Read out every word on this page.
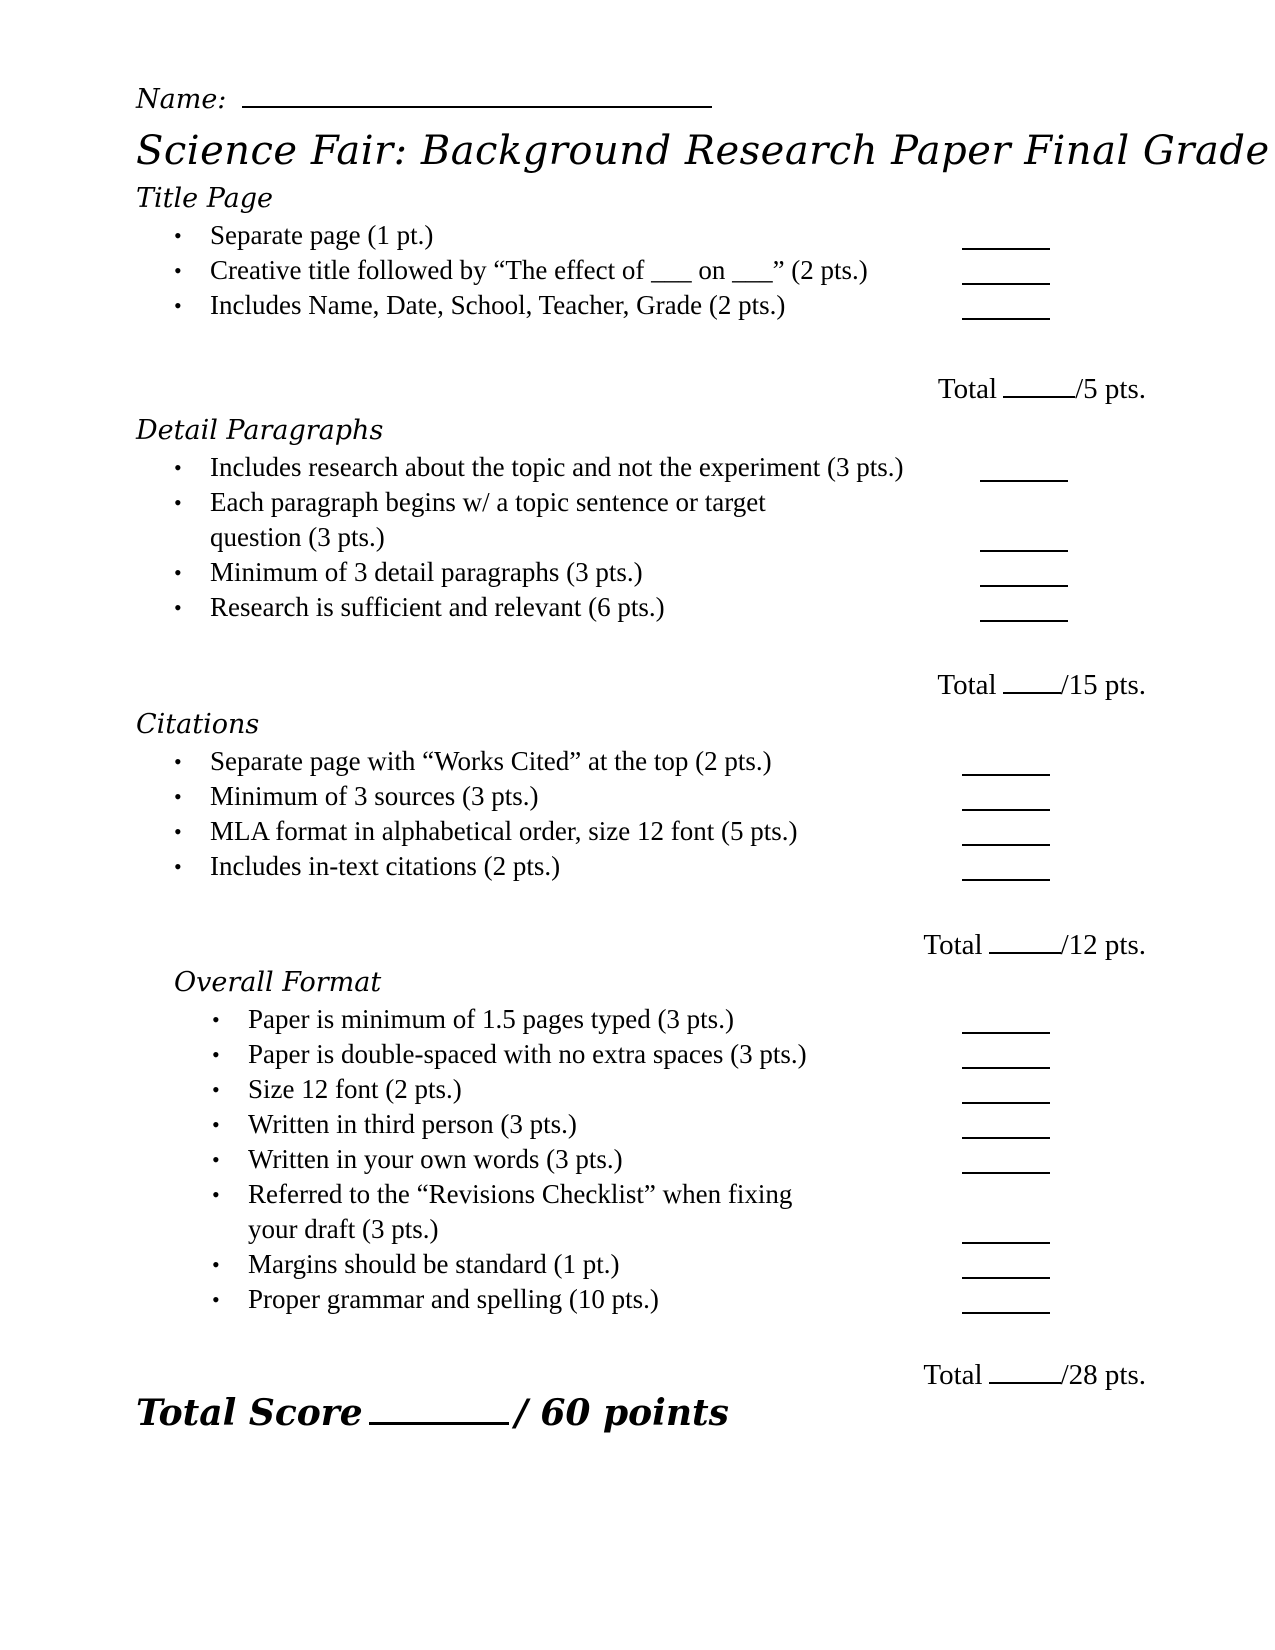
Name:
Science Fair: Background Research Paper Final Grade
Title Page
• Separate page (1 pt.)
• Creative title followed by “The effect of ___ on ___” (2 pts.)
• Includes Name, Date, School, Teacher, Grade (2 pts.)
Total	/5 pts.
Detail Paragraphs
• Includes research about the topic and not the experiment (3 pts.)
• Each paragraph begins w/ a topic sentence or target question (3 pts.)
• Minimum of 3 detail paragraphs (3 pts.)
• Research is sufficient and relevant (6 pts.)
Total /15 pts.
Citations
• Separate page with “Works Cited” at the top (2 pts.)
• Minimum of 3 sources (3 pts.)
• MLA format in alphabetical order, size 12 font (5 pts.)
• Includes in-text citations (2 pts.)
Total	/12 pts.
Overall Format
• Paper is minimum of 1.5 pages typed (3 pts.)
• Paper is double-spaced with no extra spaces (3 pts.)
• Size 12 font (2 pts.)
• Written in third person (3 pts.)
• Written in your own words (3 pts.)
• Referred to the “Revisions Checklist” when fixing your draft (3 pts.)
• Margins should be standard (1 pt.)
• Proper grammar and spelling (10 pts.)
Total	/28 pts.
Total Score	/ 60 points
